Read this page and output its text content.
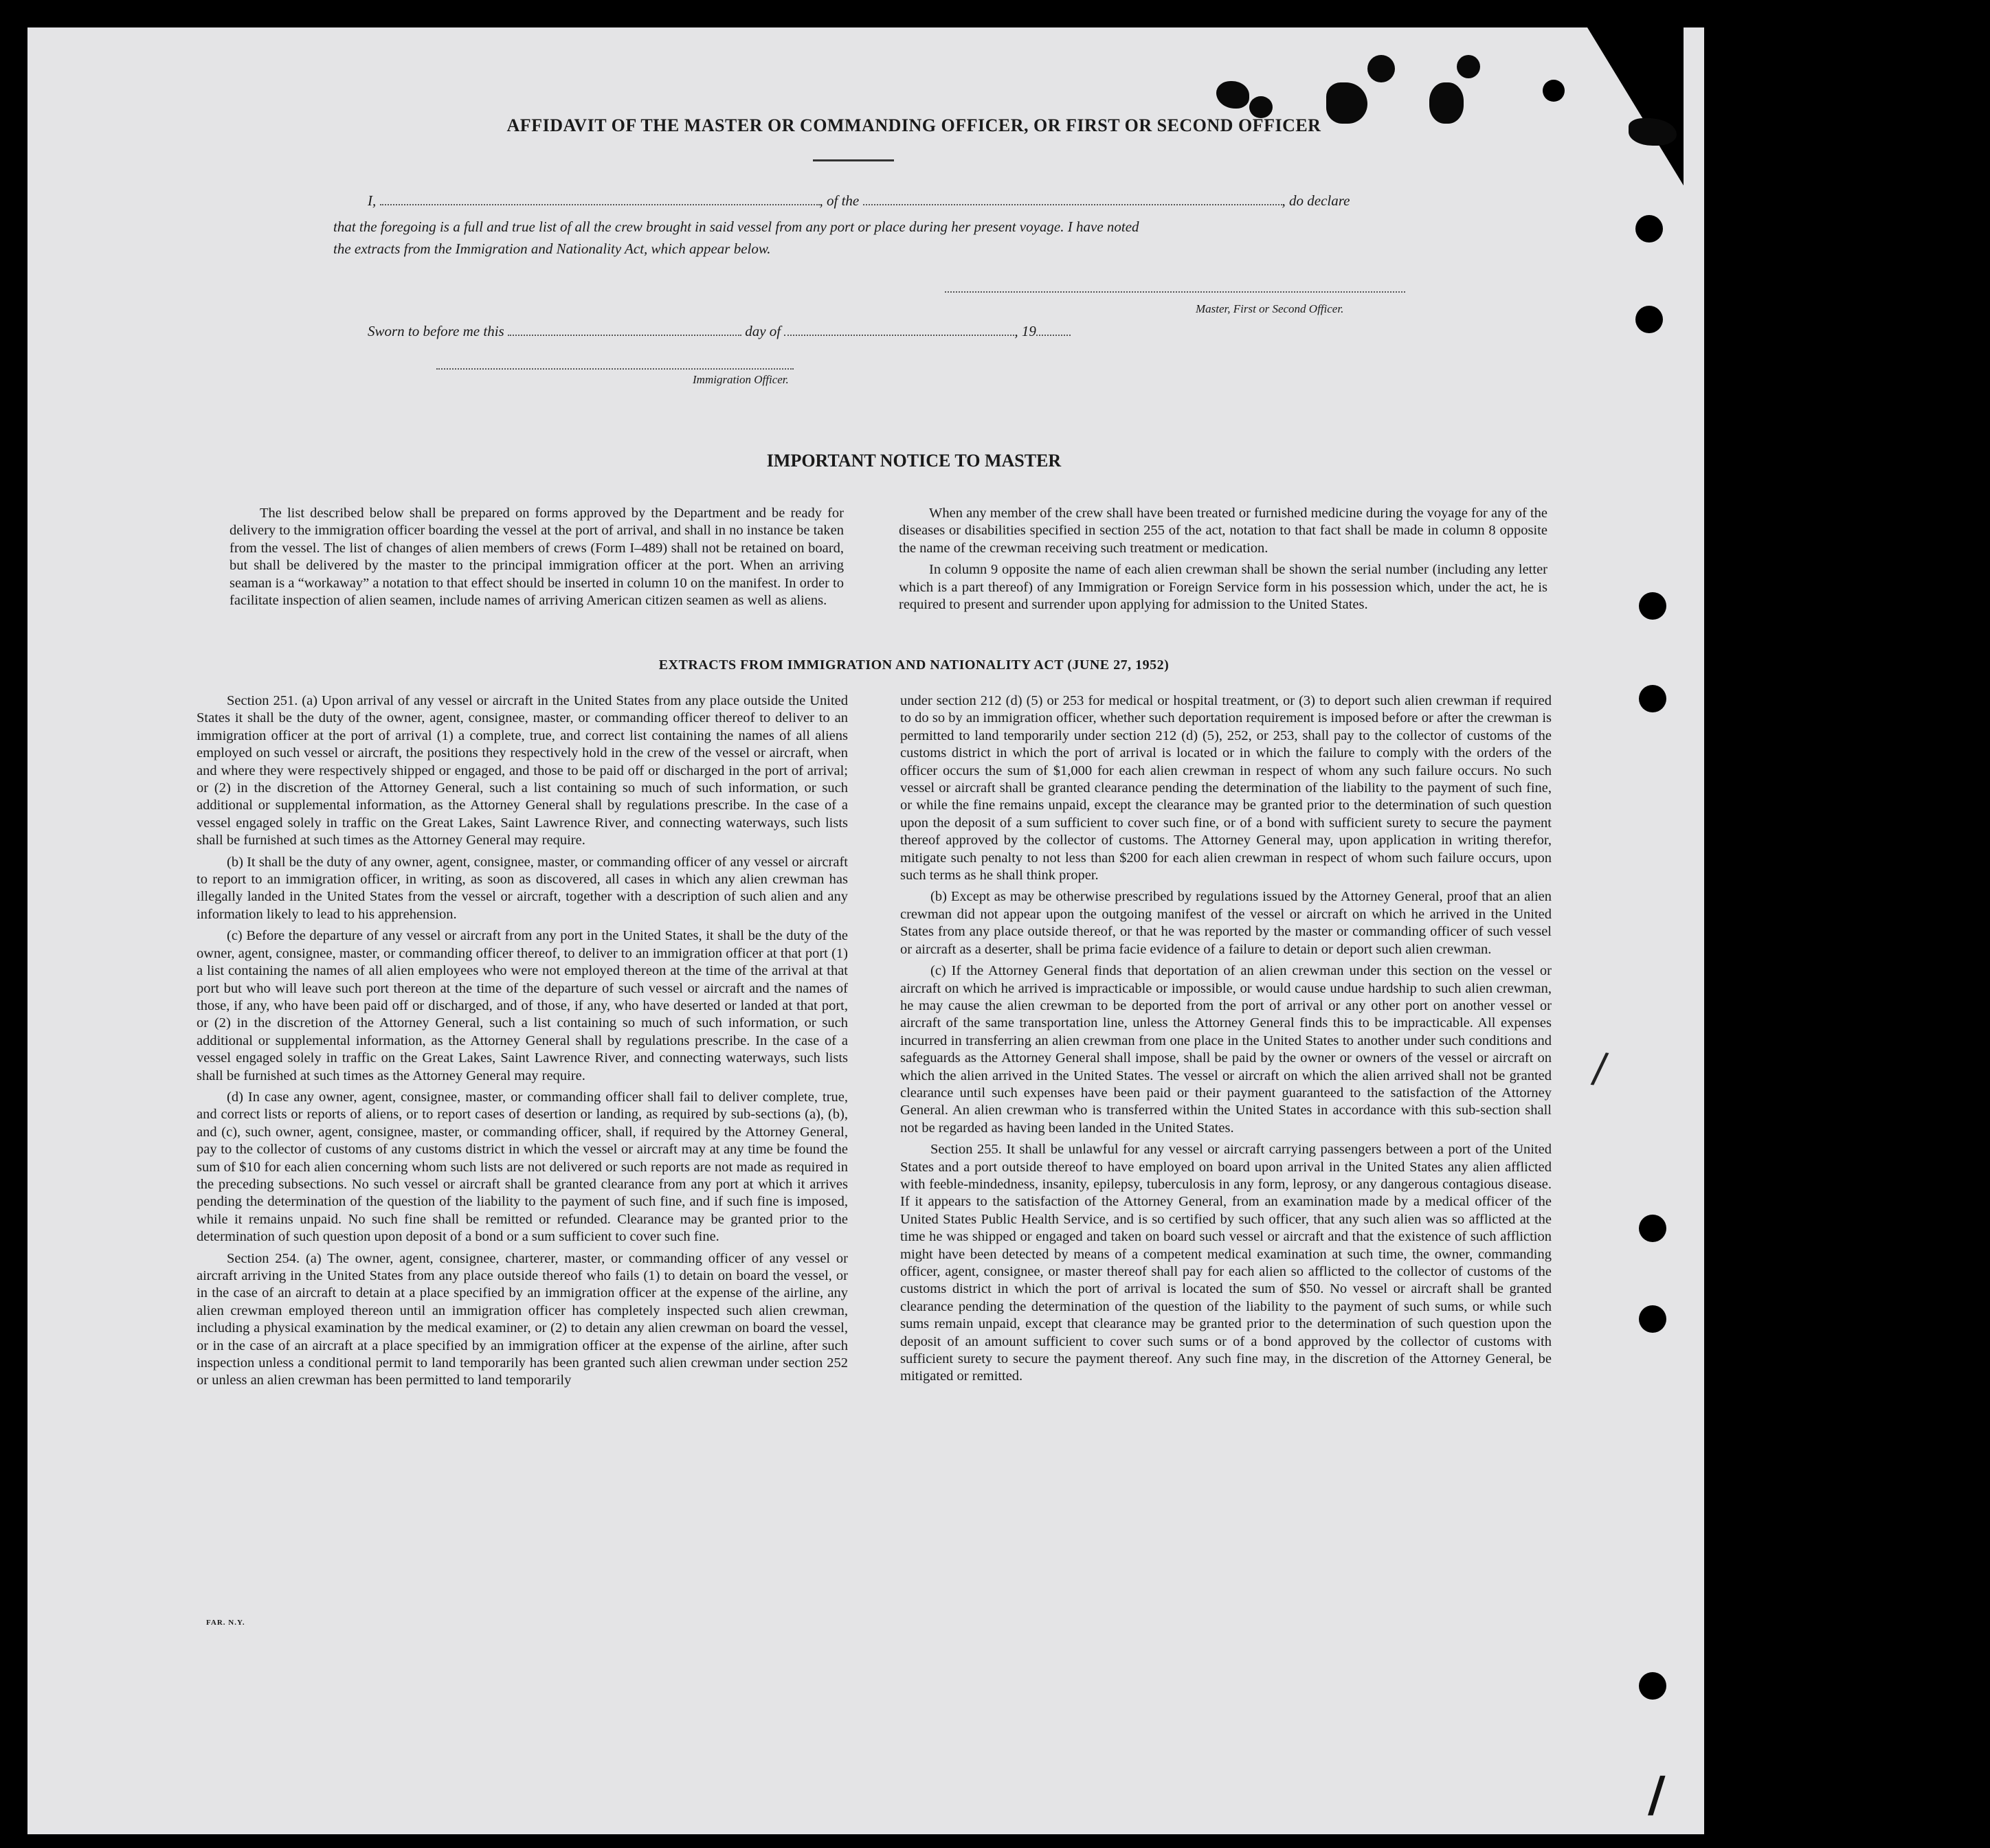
/
/
AFFIDAVIT OF THE MASTER OR COMMANDING OFFICER, OR FIRST OR SECOND OFFICER
I,	, of the	, do declare
that the foregoing is a full and true list of all the crew brought in said vessel from any port or place during her present voyage. I have noted
the extracts from the Immigration and Nationality Act, which appear below.
Master, First or Second Officer.
Sworn to before me this	day of	, 19
Immigration Officer.
IMPORTANT NOTICE TO MASTER

The list described below shall be prepared on forms approved by the Department and be ready for delivery to the immigration officer boarding the vessel at the port of arrival, and shall in no instance be taken from the vessel. The list of changes of alien members of crews (Form I–489) shall not be retained on board, but shall be delivered by the master to the principal immigration officer at the port. When an arriving seaman is a “workaway” a notation to that effect should be inserted in column 10 on the manifest. In order to facilitate inspection of alien seamen, include names of arriving American citizen seamen as well as aliens.

When any member of the crew shall have been treated or furnished medicine during the voyage for any of the diseases or disabilities specified in section 255 of the act, notation to that fact shall be made in column 8 opposite the name of the crewman receiving such treatment or medication.

In column 9 opposite the name of each alien crewman shall be shown the serial number (including any letter which is a part thereof) of any Immigration or Foreign Service form in his possession which, under the act, he is required to present and surrender upon applying for admission to the United States.

EXTRACTS FROM IMMIGRATION AND NATIONALITY ACT (JUNE 27, 1952)

Section 251. (a) Upon arrival of any vessel or aircraft in the United States from any place outside the United States it shall be the duty of the owner, agent, consignee, master, or commanding officer thereof to deliver to an immigration officer at the port of arrival (1) a complete, true, and correct list containing the names of all aliens employed on such vessel or aircraft, the positions they respectively hold in the crew of the vessel or aircraft, when and where they were respectively shipped or engaged, and those to be paid off or discharged in the port of arrival; or (2) in the discretion of the Attorney General, such a list containing so much of such information, or such additional or supplemental information, as the Attorney General shall by regulations prescribe. In the case of a vessel engaged solely in traffic on the Great Lakes, Saint Lawrence River, and connecting waterways, such lists shall be furnished at such times as the Attorney General may require.

(b) It shall be the duty of any owner, agent, consignee, master, or commanding officer of any vessel or aircraft to report to an immigration officer, in writing, as soon as discovered, all cases in which any alien crewman has illegally landed in the United States from the vessel or aircraft, together with a description of such alien and any information likely to lead to his apprehension.

(c) Before the departure of any vessel or aircraft from any port in the United States, it shall be the duty of the owner, agent, consignee, master, or commanding officer thereof, to deliver to an immigration officer at that port (1) a list containing the names of all alien employees who were not employed thereon at the time of the arrival at that port but who will leave such port thereon at the time of the departure of such vessel or aircraft and the names of those, if any, who have been paid off or discharged, and of those, if any, who have deserted or landed at that port, or (2) in the discretion of the Attorney General, such a list containing so much of such information, or such additional or supplemental information, as the Attorney General shall by regulations prescribe. In the case of a vessel engaged solely in traffic on the Great Lakes, Saint Lawrence River, and connecting waterways, such lists shall be furnished at such times as the Attorney General may require.

(d) In case any owner, agent, consignee, master, or commanding officer shall fail to deliver complete, true, and correct lists or reports of aliens, or to report cases of desertion or landing, as required by sub-sections (a), (b), and (c), such owner, agent, consignee, master, or commanding officer, shall, if required by the Attorney General, pay to the collector of customs of any customs district in which the vessel or aircraft may at any time be found the sum of $10 for each alien concerning whom such lists are not delivered or such reports are not made as required in the preceding subsections. No such vessel or aircraft shall be granted clearance from any port at which it arrives pending the determination of the question of the liability to the payment of such fine, and if such fine is imposed, while it remains unpaid. No such fine shall be remitted or refunded. Clearance may be granted prior to the determination of such question upon deposit of a bond or a sum sufficient to cover such fine.

Section 254. (a) The owner, agent, consignee, charterer, master, or commanding officer of any vessel or aircraft arriving in the United States from any place outside thereof who fails (1) to detain on board the vessel, or in the case of an aircraft to detain at a place specified by an immigration officer at the expense of the airline, any alien crewman employed thereon until an immigration officer has completely inspected such alien crewman, including a physical examination by the medical examiner, or (2) to detain any alien crewman on board the vessel, or in the case of an aircraft at a place specified by an immigration officer at the expense of the airline, after such inspection unless a conditional permit to land temporarily has been granted such alien crewman under section 252 or unless an alien crewman has been permitted to land temporarily

under section 212 (d) (5) or 253 for medical or hospital treatment, or (3) to deport such alien crewman if required to do so by an immigration officer, whether such deportation requirement is imposed before or after the crewman is permitted to land temporarily under section 212 (d) (5), 252, or 253, shall pay to the collector of customs of the customs district in which the port of arrival is located or in which the failure to comply with the orders of the officer occurs the sum of $1,000 for each alien crewman in respect of whom any such failure occurs. No such vessel or aircraft shall be granted clearance pending the determination of the liability to the payment of such fine, or while the fine remains unpaid, except the clearance may be granted prior to the determination of such question upon the deposit of a sum sufficient to cover such fine, or of a bond with sufficient surety to secure the payment thereof approved by the collector of customs. The Attorney General may, upon application in writing therefor, mitigate such penalty to not less than $200 for each alien crewman in respect of whom such failure occurs, upon such terms as he shall think proper.

(b) Except as may be otherwise prescribed by regulations issued by the Attorney General, proof that an alien crewman did not appear upon the outgoing manifest of the vessel or aircraft on which he arrived in the United States from any place outside thereof, or that he was reported by the master or commanding officer of such vessel or aircraft as a deserter, shall be prima facie evidence of a failure to detain or deport such alien crewman.

(c) If the Attorney General finds that deportation of an alien crewman under this section on the vessel or aircraft on which he arrived is impracticable or impossible, or would cause undue hardship to such alien crewman, he may cause the alien crewman to be deported from the port of arrival or any other port on another vessel or aircraft of the same transportation line, unless the Attorney General finds this to be impracticable. All expenses incurred in transferring an alien crewman from one place in the United States to another under such conditions and safeguards as the Attorney General shall impose, shall be paid by the owner or owners of the vessel or aircraft on which the alien arrived in the United States. The vessel or aircraft on which the alien arrived shall not be granted clearance until such expenses have been paid or their payment guaranteed to the satisfaction of the Attorney General. An alien crewman who is transferred within the United States in accordance with this sub-section shall not be regarded as having been landed in the United States.

Section 255. It shall be unlawful for any vessel or aircraft carrying passengers between a port of the United States and a port outside thereof to have employed on board upon arrival in the United States any alien afflicted with feeble-mindedness, insanity, epilepsy, tuberculosis in any form, leprosy, or any dangerous contagious disease. If it appears to the satisfaction of the Attorney General, from an examination made by a medical officer of the United States Public Health Service, and is so certified by such officer, that any such alien was so afflicted at the time he was shipped or engaged and taken on board such vessel or aircraft and that the existence of such affliction might have been detected by means of a competent medical examination at such time, the owner, commanding officer, agent, consignee, or master thereof shall pay for each alien so afflicted to the collector of customs of the customs district in which the port of arrival is located the sum of $50. No vessel or aircraft shall be granted clearance pending the determination of the question of the liability to the payment of such sums, or while such sums remain unpaid, except that clearance may be granted prior to the determination of such question upon the deposit of an amount sufficient to cover such sums or of a bond approved by the collector of customs with sufficient surety to secure the payment thereof. Any such fine may, in the discretion of the Attorney General, be mitigated or remitted.

FAR. N.Y.
